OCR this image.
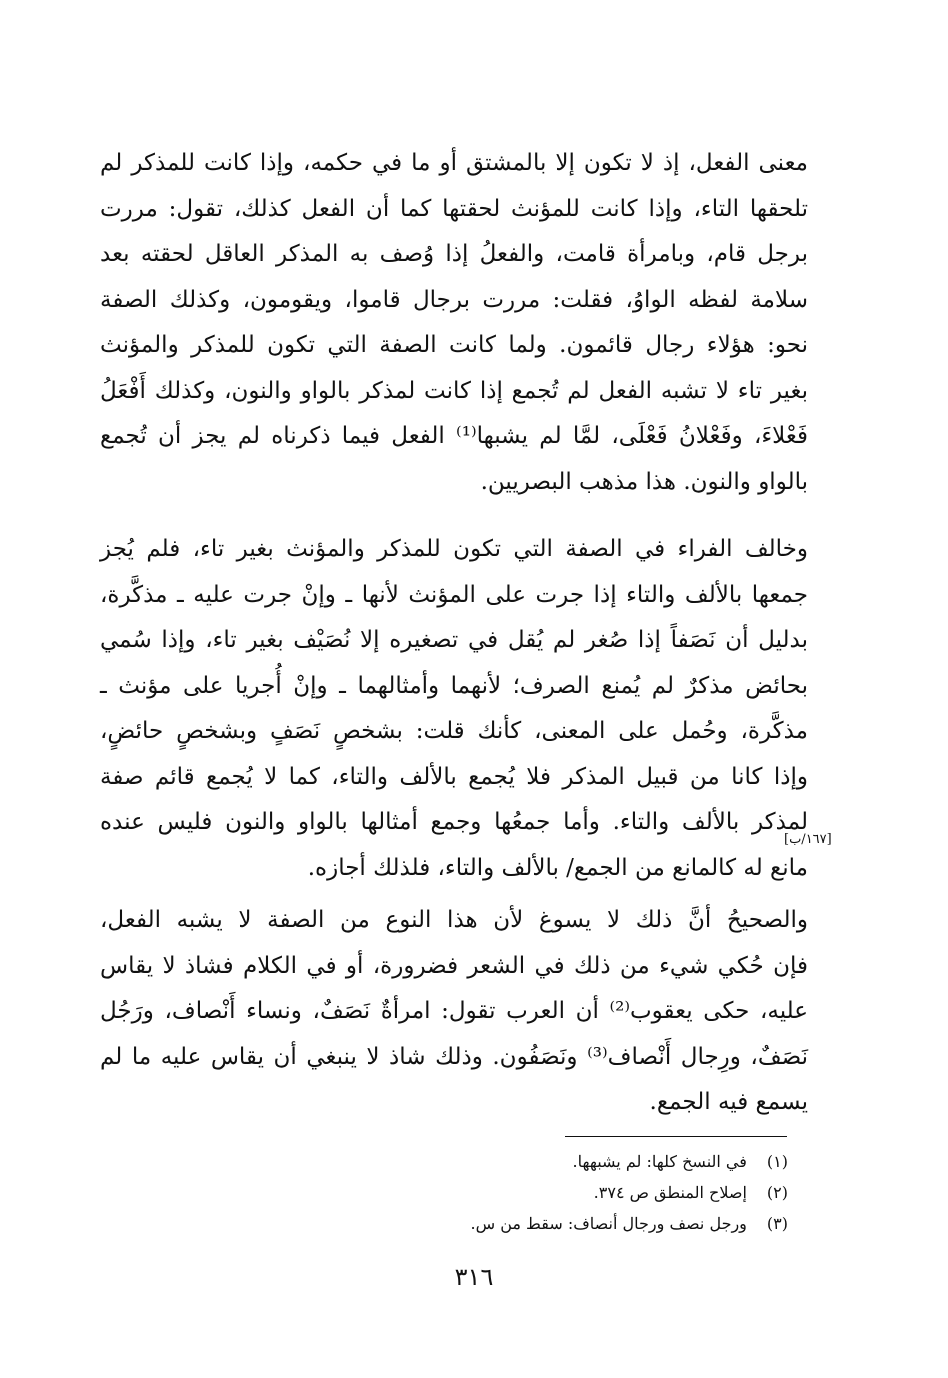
معنى الفعل، إذ لا تكون إلا بالمشتق أو ما في حكمه، وإذا كانت للمذكر لم
تلحقها التاء، وإذا كانت للمؤنث لحقتها كما أن الفعل كذلك، تقول: مررت
برجل قام، وبامرأة قامت، والفعلُ إذا وُصف به المذكر العاقل لحقته بعد
سلامة لفظه الواوُ، فقلت: مررت برجال قاموا، ويقومون، وكذلك الصفة
نحو: هؤلاء رجال قائمون. ولما كانت الصفة التي تكون للمذكر والمؤنث
بغير تاء لا تشبه الفعل لم تُجمع إذا كانت لمذكر بالواو والنون، وكذلك أَفْعَلُ
فَعْلاءَ، وفَعْلانُ فَعْلَى، لمَّا لم يشبها⁽¹⁾ الفعل فيما ذكرناه لم يجز أن تُجمع
بالواو والنون. هذا مذهب البصريين.
وخالف الفراء في الصفة التي تكون للمذكر والمؤنث بغير تاء، فلم يُجز
جمعها بالألف والتاء إذا جرت على المؤنث لأنها ـ وإنْ جرت عليه ـ مذكَّرة،
بدليل أن نَصَفاً إذا صُغر لم يُقل في تصغيره إلا نُصَيْف بغير تاء، وإذا سُمي
بحائض مذكرٌ لم يُمنع الصرف؛ لأنهما وأمثالهما ـ وإنْ أُجريا على مؤنث ـ
مذكَّرة، وحُمل على المعنى، كأنك قلت: بشخصٍ نَصَفٍ وبشخصٍ حائضٍ،
وإذا كانا من قبيل المذكر فلا يُجمع بالألف والتاء، كما لا يُجمع قائم صفة
لمذكر بالألف والتاء. وأما جمعُها وجمع أمثالها بالواو والنون فليس عنده
مانع له كالمانع من الجمع/ بالألف والتاء، فلذلك أجازه.
[١٦٧/ب]
والصحيحُ أنَّ ذلك لا يسوغ لأن هذا النوع من الصفة لا يشبه الفعل،
فإن حُكي شيء من ذلك في الشعر فضرورة، أو في الكلام فشاذ لا يقاس
عليه، حكى يعقوب⁽²⁾ أن العرب تقول: امرأةٌ نَصَفٌ، ونساء أَنْصاف، ورَجُل
نَصَفٌ، ورِجال أَنْصاف⁽³⁾ ونَصَفُون. وذلك شاذ لا ينبغي أن يقاس عليه ما لم
يسمع فيه الجمع.
(١) في النسخ كلها: لم يشبهها.
(٢) إصلاح المنطق ص ٣٧٤.
(٣) ورجل نصف ورجال أنصاف: سقط من س.
٣١٦
